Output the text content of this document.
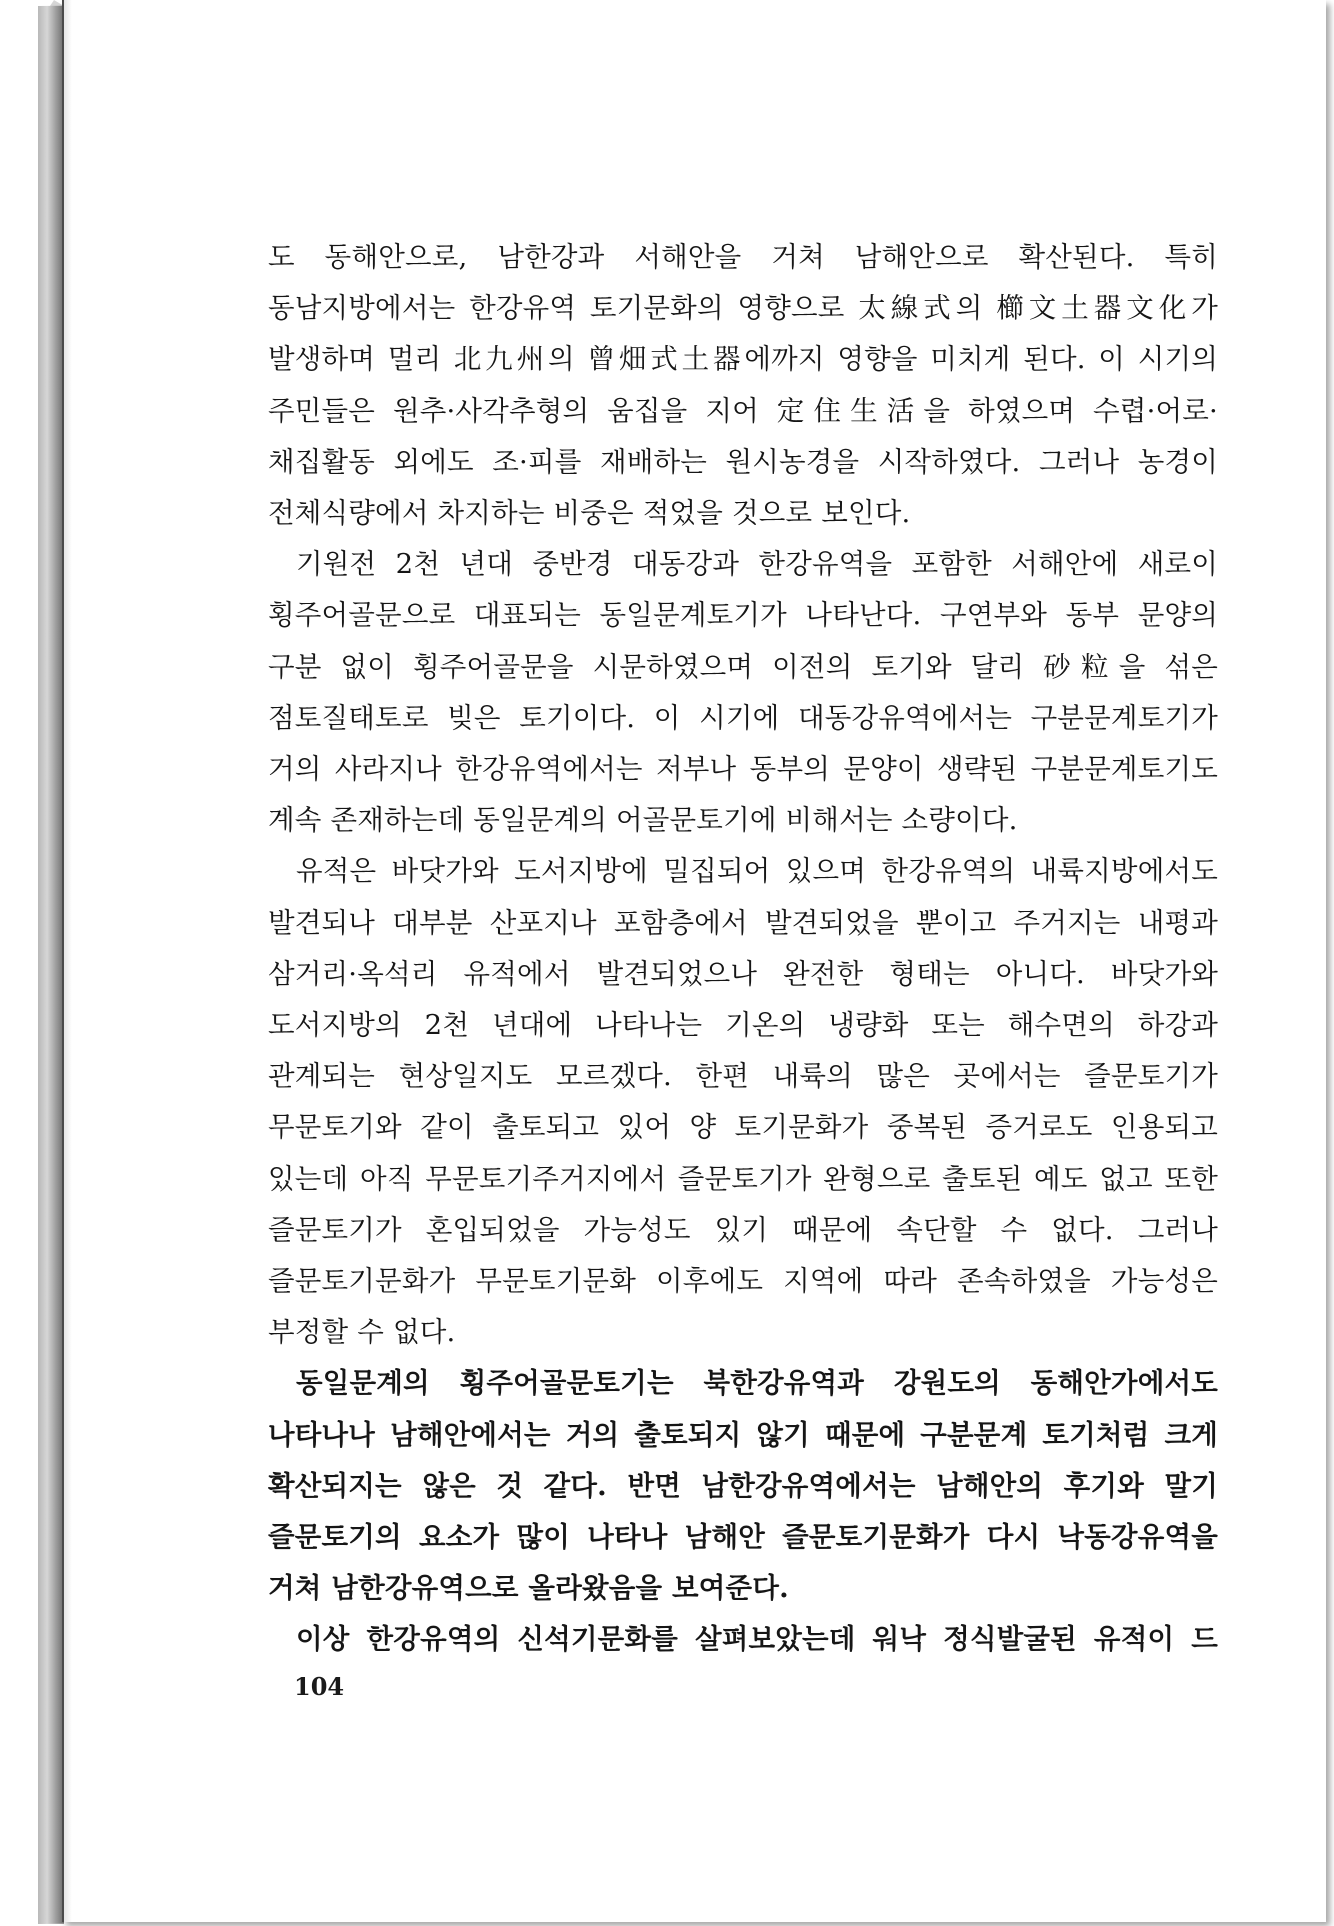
도 동해안으로, 남한강과 서해안을 거쳐 남해안으로 확산된다. 특히 동남지방에서는 한강유역 토기문화의 영향으로 太線式의 櫛文土器文化가 발생하며 멀리 北九州의 曾畑式土器에까지 영향을 미치게 된다. 이 시기의 주민들은 원추·사각추형의 움집을 지어 定住生活을 하였으며 수렵·어로·채집활동 외에도 조·피를 재배하는 원시농경을 시작하였다. 그러나 농경이 전체식량에서 차지하는 비중은 적었을 것으로 보인다.

기원전 2천 년대 중반경 대동강과 한강유역을 포함한 서해안에 새로이 횡주어골문으로 대표되는 동일문계토기가 나타난다. 구연부와 동부 문양의 구분 없이 횡주어골문을 시문하였으며 이전의 토기와 달리 砂粒을 섞은 점토질태토로 빚은 토기이다. 이 시기에 대동강유역에서는 구분문계토기가 거의 사라지나 한강유역에서는 저부나 동부의 문양이 생략된 구분문계토기도 계속 존재하는데 동일문계의 어골문토기에 비해서는 소량이다.

유적은 바닷가와 도서지방에 밀집되어 있으며 한강유역의 내륙지방에서도 발견되나 대부분 산포지나 포함층에서 발견되었을 뿐이고 주거지는 내평과 삼거리·옥석리 유적에서 발견되었으나 완전한 형태는 아니다. 바닷가와 도서지방의 2천 년대에 나타나는 기온의 냉량화 또는 해수면의 하강과 관계되는 현상일지도 모르겠다. 한편 내륙의 많은 곳에서는 즐문토기가 무문토기와 같이 출토되고 있어 양 토기문화가 중복된 증거로도 인용되고 있는데 아직 무문토기주거지에서 즐문토기가 완형으로 출토된 예도 없고 또한 즐문토기가 혼입되었을 가능성도 있기 때문에 속단할 수 없다. 그러나 즐문토기문화가 무문토기문화 이후에도 지역에 따라 존속하였을 가능성은 부정할 수 없다.

동일문계의 횡주어골문토기는 북한강유역과 강원도의 동해안가에서도 나타나나 남해안에서는 거의 출토되지 않기 때문에 구분문계 토기처럼 크게 확산되지는 않은 것 같다. 반면 남한강유역에서는 남해안의 후기와 말기 즐문토기의 요소가 많이 나타나 남해안 즐문토기문화가 다시 낙동강유역을 거쳐 남한강유역으로 올라왔음을 보여준다.

이상 한강유역의 신석기문화를 살펴보았는데 워낙 정식발굴된 유적이 드

104
